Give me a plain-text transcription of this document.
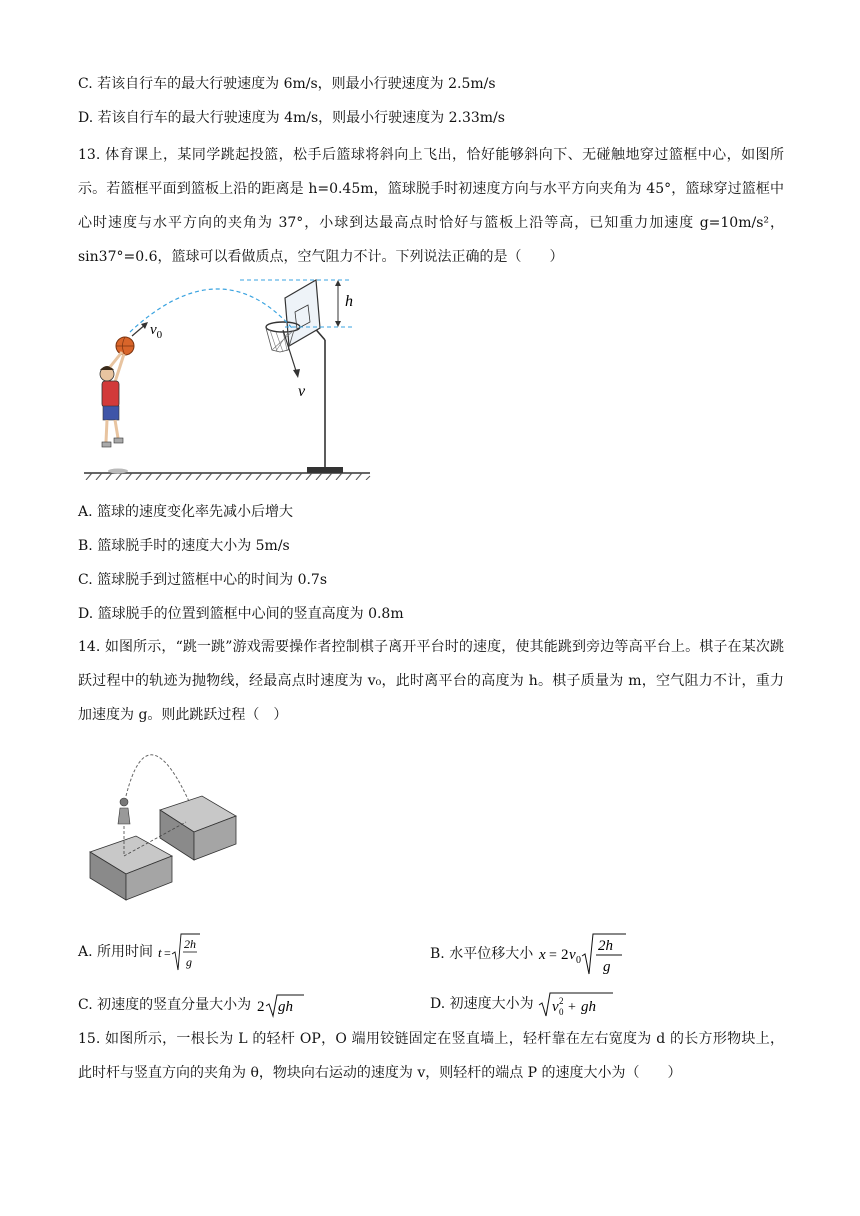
C. 若该自行车的最大行驶速度为 6m/s，则最小行驶速度为 2.5m/s
D. 若该自行车的最大行驶速度为 4m/s，则最小行驶速度为 2.33m/s
13. 体育课上，某同学跳起投篮，松手后篮球将斜向上飞出，恰好能够斜向下、无碰触地穿过篮框中心，如图所示。若篮框平面到篮板上沿的距离是 h=0.45m，篮球脱手时初速度方向与水平方向夹角为 45°，篮球穿过篮框中心时速度与水平方向的夹角为 37°，小球到达最高点时恰好与篮板上沿等高，已知重力加速度 g=10m/s²，sin37°=0.6，篮球可以看做质点，空气阻力不计。下列说法正确的是（　　）
h
$v_0$
v
A. 篮球的速度变化率先减小后增大
B. 篮球脱手时的速度大小为 5m/s
C. 篮球脱手到过篮框中心的时间为 0.7s
D. 篮球脱手的位置到篮框中心间的竖直高度为 0.8m
14. 如图所示，“跳一跳”游戏需要操作者控制棋子离开平台时的速度，使其能跳到旁边等高平台上。棋子在某次跳跃过程中的轨迹为抛物线，经最高点时速度为 v₀，此时离平台的高度为 h。棋子质量为 m，空气阻力不计，重力加速度为 g。则此跳跃过程（　）
A. 所用时间 t =
2h
g	B. 水平位移大小 x = 2 v 0
2h
g
C. 初速度的竖直分量大小为 2 gh	D. 初速度大小为 v 2
0 + gh
15. 如图所示，一根长为 L 的轻杆 OP，O 端用铰链固定在竖直墙上，轻杆靠在左右宽度为 d 的长方形物块上，此时杆与竖直方向的夹角为 θ，物块向右运动的速度为 v，则轻杆的端点 P 的速度大小为（　　）
